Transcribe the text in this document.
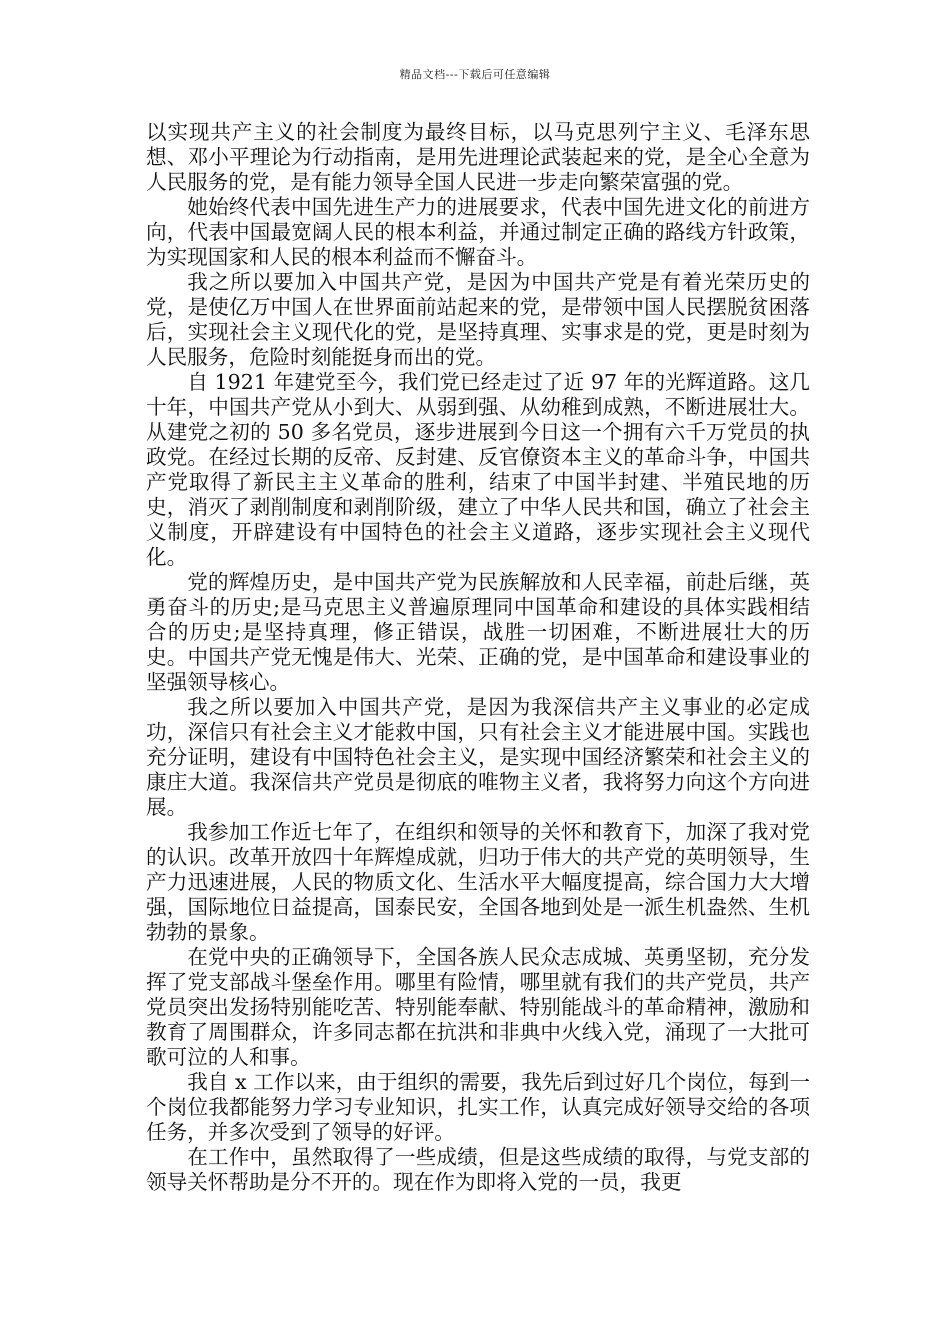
精品文档---下载后可任意编辑

以实现共产主义的社会制度为最终目标，以马克思列宁主义、毛泽东思想、邓小平理论为行动指南，是用先进理论武装起来的党，是全心全意为人民服务的党，是有能力领导全国人民进一步走向繁荣富强的党。

她始终代表中国先进生产力的进展要求，代表中国先进文化的前进方向，代表中国最宽阔人民的根本利益，并通过制定正确的路线方针政策，为实现国家和人民的根本利益而不懈奋斗。

我之所以要加入中国共产党，是因为中国共产党是有着光荣历史的党，是使亿万中国人在世界面前站起来的党，是带领中国人民摆脱贫困落后，实现社会主义现代化的党，是坚持真理、实事求是的党，更是时刻为人民服务，危险时刻能挺身而出的党。

自 1921 年建党至今，我们党已经走过了近 97 年的光辉道路。这几十年，中国共产党从小到大、从弱到强、从幼稚到成熟，不断进展壮大。从建党之初的 50 多名党员，逐步进展到今日这一个拥有六千万党员的执政党。在经过长期的反帝、反封建、反官僚资本主义的革命斗争，中国共产党取得了新民主主义革命的胜利，结束了中国半封建、半殖民地的历史，消灭了剥削制度和剥削阶级，建立了中华人民共和国，确立了社会主义制度，开辟建设有中国特色的社会主义道路，逐步实现社会主义现代化。

党的辉煌历史，是中国共产党为民族解放和人民幸福，前赴后继，英勇奋斗的历史;是马克思主义普遍原理同中国革命和建设的具体实践相结合的历史;是坚持真理，修正错误，战胜一切困难，不断进展壮大的历史。中国共产党无愧是伟大、光荣、正确的党，是中国革命和建设事业的坚强领导核心。

我之所以要加入中国共产党，是因为我深信共产主义事业的必定成功，深信只有社会主义才能救中国，只有社会主义才能进展中国。实践也充分证明，建设有中国特色社会主义，是实现中国经济繁荣和社会主义的康庄大道。我深信共产党员是彻底的唯物主义者，我将努力向这个方向进展。

我参加工作近七年了，在组织和领导的关怀和教育下，加深了我对党的认识。改革开放四十年辉煌成就，归功于伟大的共产党的英明领导，生产力迅速进展，人民的物质文化、生活水平大幅度提高，综合国力大大增强，国际地位日益提高，国泰民安，全国各地到处是一派生机盎然、生机勃勃的景象。

在党中央的正确领导下，全国各族人民众志成城、英勇坚韧，充分发挥了党支部战斗堡垒作用。哪里有险情，哪里就有我们的共产党员，共产党员突出发扬特别能吃苦、特别能奉献、特别能战斗的革命精神，激励和教育了周围群众，许多同志都在抗洪和非典中火线入党，涌现了一大批可歌可泣的人和事。

我自 x 工作以来，由于组织的需要，我先后到过好几个岗位，每到一个岗位我都能努力学习专业知识，扎实工作，认真完成好领导交给的各项任务，并多次受到了领导的好评。

在工作中，虽然取得了一些成绩，但是这些成绩的取得，与党支部的领导关怀帮助是分不开的。现在作为即将入党的一员，我更
